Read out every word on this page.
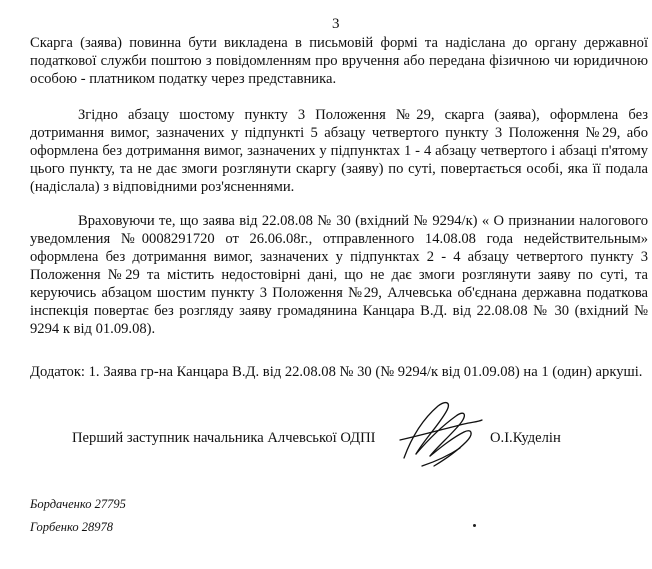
3

Скарга (заява) повинна бути викладена в письмовій формі та надіслана до органу державної податкової служби поштою з повідомленням про вручення або передана фізичною чи юридичною особою - платником податку через представника.

Згідно абзацу шостому пункту 3 Положення №29, скарга (заява), оформлена без дотримання вимог, зазначених у підпункті 5 абзацу четвертого пункту 3 Положення №29, або оформлена без дотримання вимог, зазначених у підпунктах 1 - 4 абзацу четвертого і абзаці п'ятому цього пункту, та не дає змоги розглянути скаргу (заяву) по суті, повертається особі, яка її подала (надіслала) з відповідними роз'ясненнями.

Враховуючи те, що заява від 22.08.08 № 30 (вхідний № 9294/к) « О признании налогового уведомления №0008291720 от 26.06.08г., отправленного 14.08.08 года недействительным» оформлена без дотримання вимог, зазначених у підпунктах 2 - 4 абзацу четвертого пункту 3 Положення №29 та містить недостовірні дані, що не дає змоги розглянути заяву по суті, та керуючись абзацом шостим пункту 3 Положення №29, Алчевська об'єднана державна податкова інспекція повертає без розгляду заяву громадянина Канцара В.Д. від 22.08.08 № 30 (вхідний № 9294 к від 01.09.08).

Додаток: 1. Заява гр-на Канцара В.Д. від 22.08.08 № 30 (№ 9294/к від 01.09.08) на 1 (один) аркуші.
Перший заступник начальника Алчевської ОДПІ	О.І.Куделін
Бордаченко 27795
Горбенко 28978
